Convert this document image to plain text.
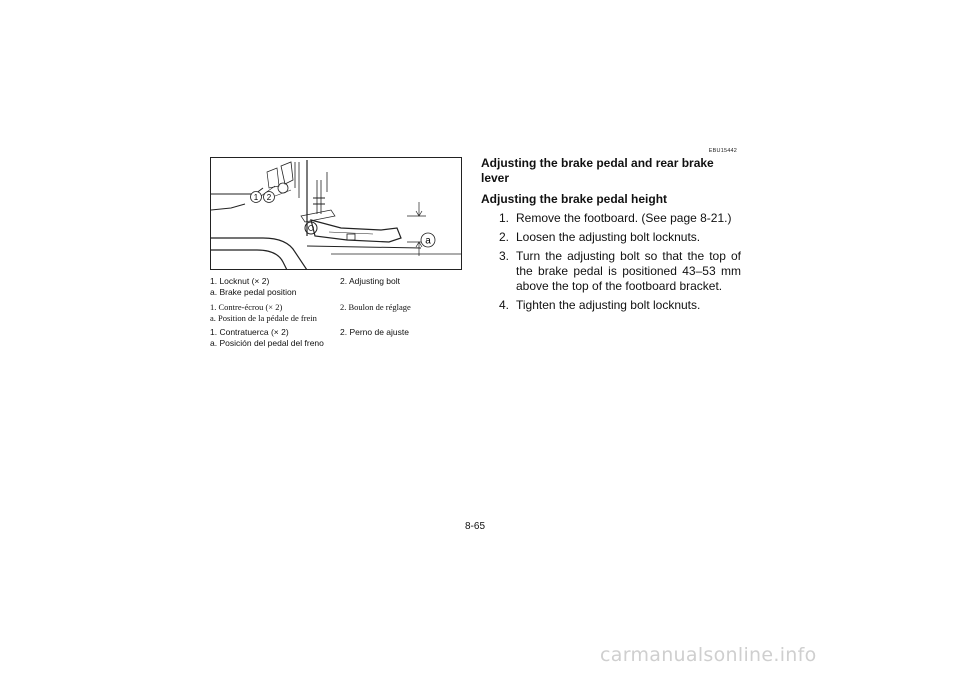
1 2
a
1. Locknut (× 2)	2. Adjusting bolt
a. Brake pedal position
1. Contre-écrou (× 2)	2. Boulon de réglage
a. Position de la pédale de frein
1. Contratuerca (× 2)	2. Perno de ajuste
a. Posición del pedal del freno
EBU15442
Adjusting the brake pedal and rear brake lever
Adjusting the brake pedal height
1. Remove the footboard. (See page 8-21.)
2. Loosen the adjusting bolt locknuts.
3. Turn the adjusting bolt so that the top of the brake pedal is positioned 43–53 mm above the top of the footboard bracket.
4. Tighten the adjusting bolt locknuts.
8-65
carmanualsonline.info
